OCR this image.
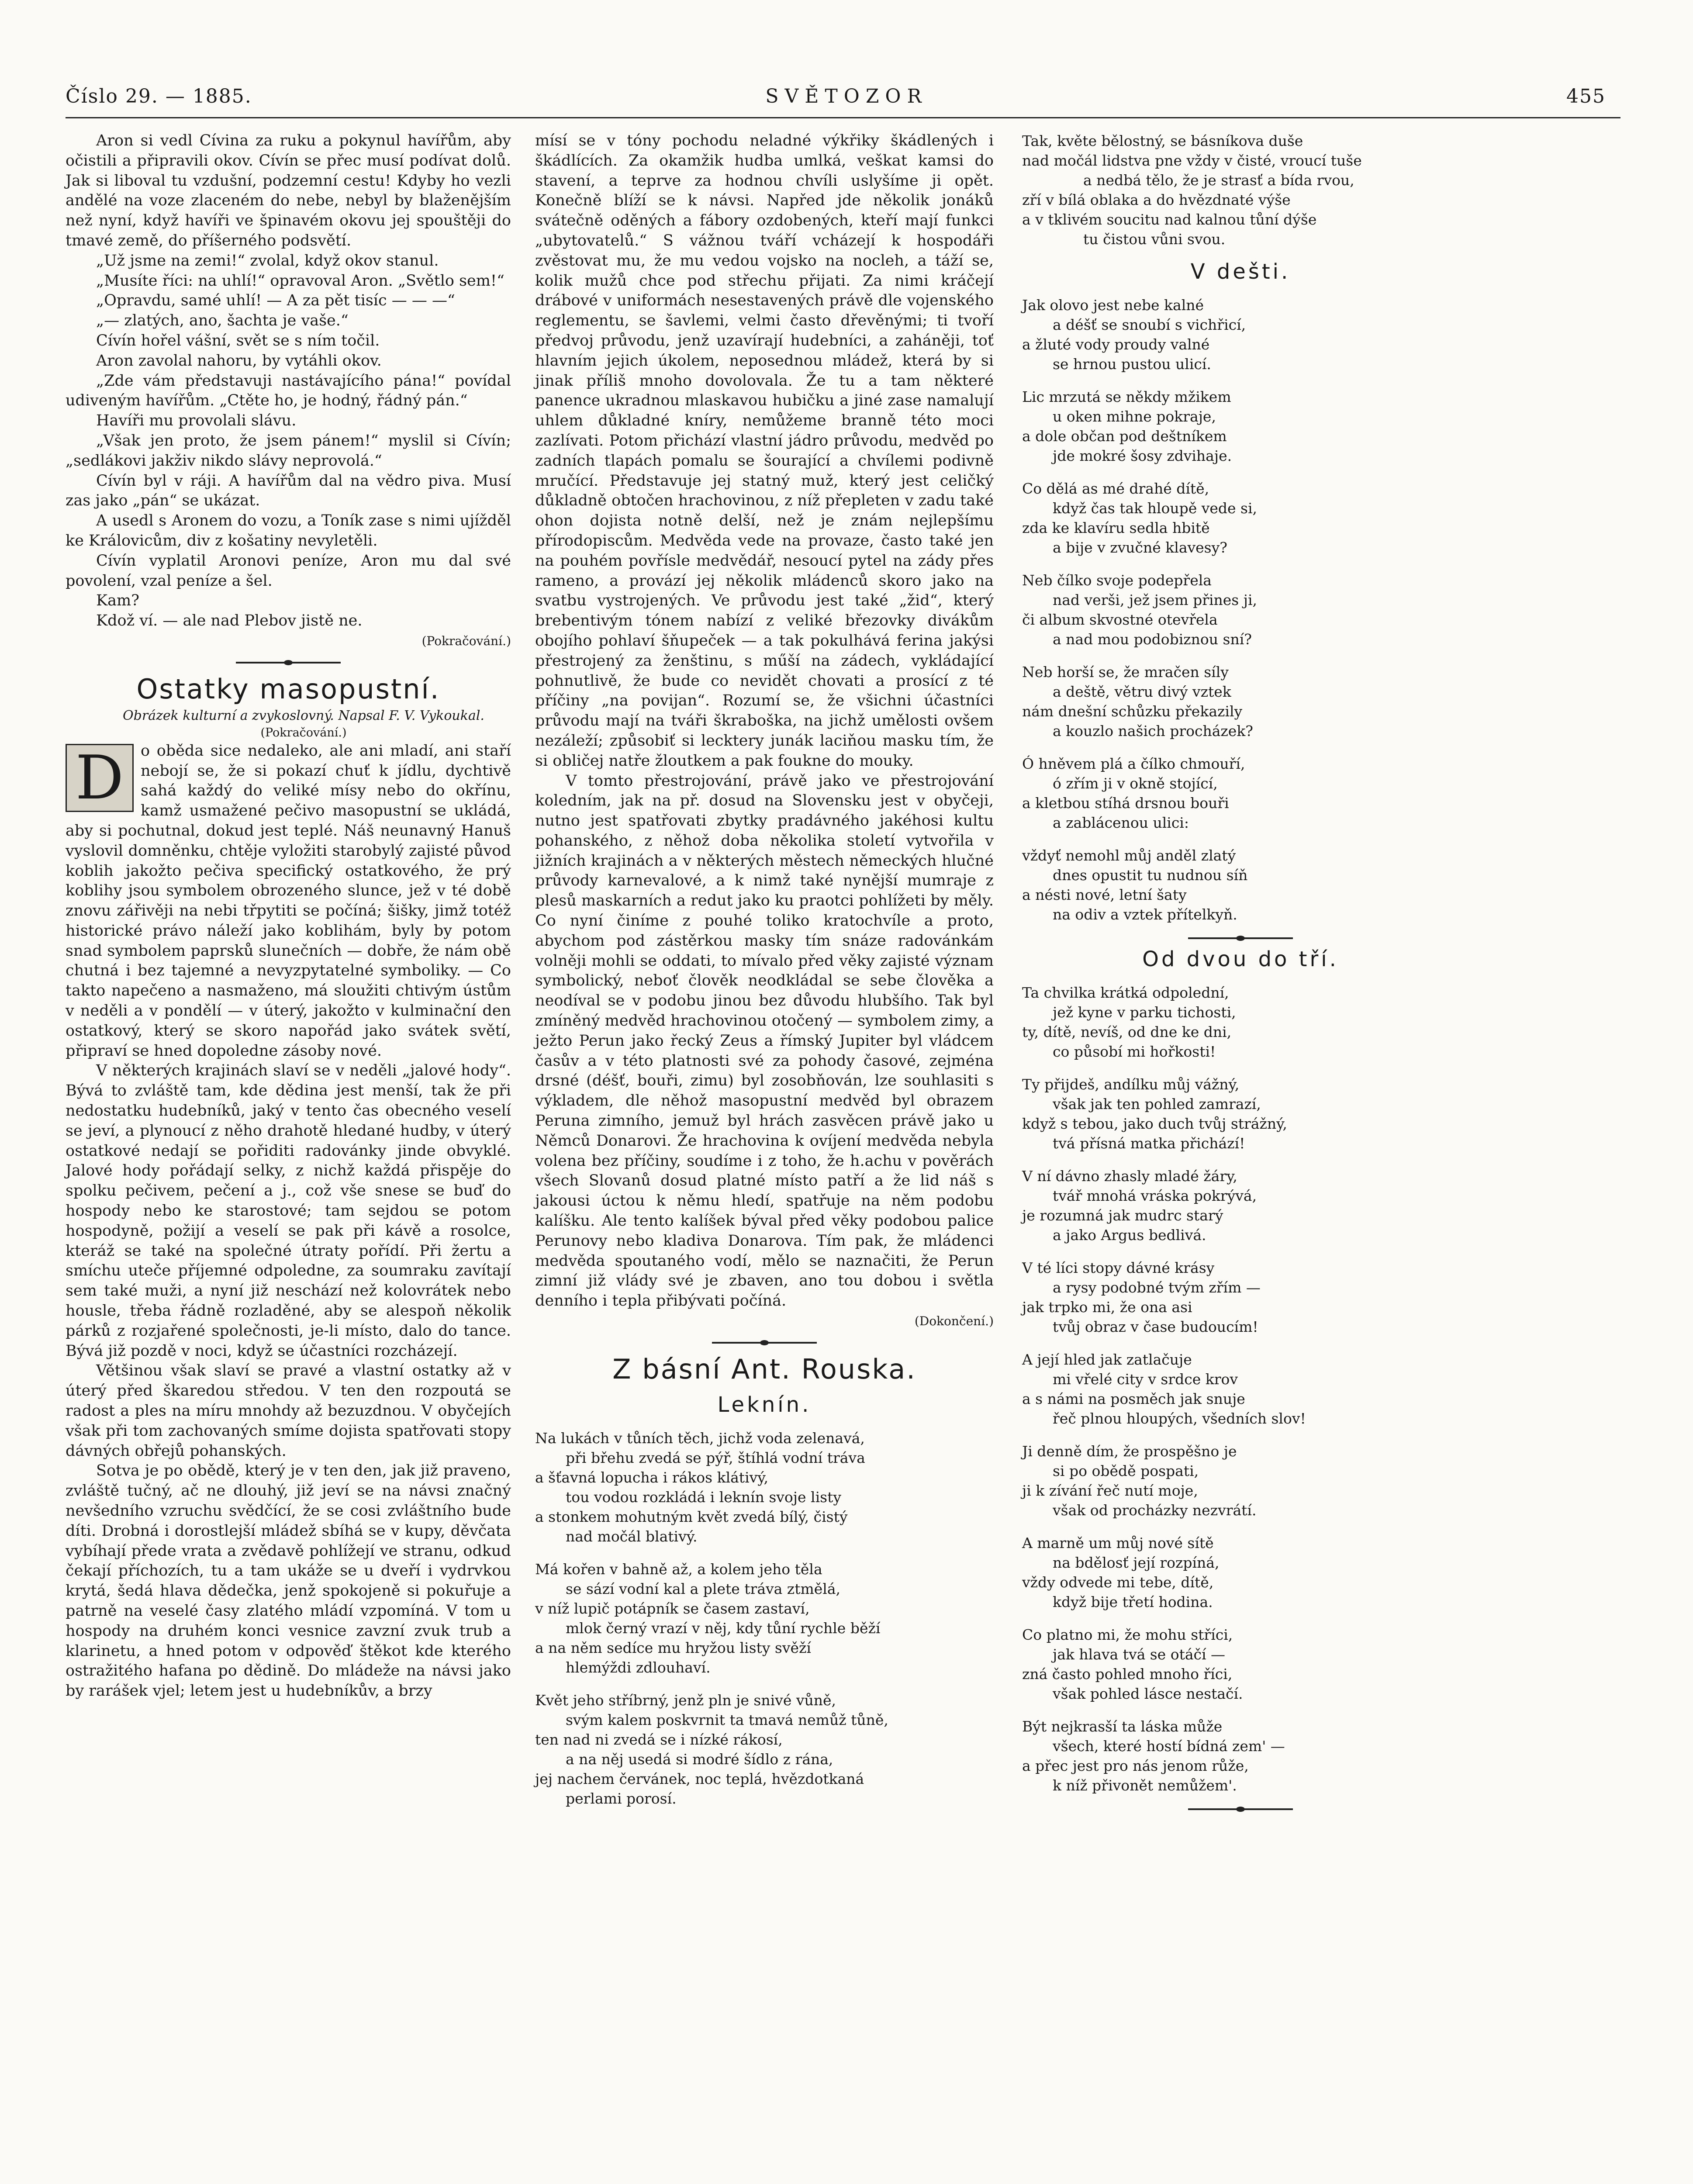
Číslo 29. — 1885.	SVĚTOZOR	455

Aron si vedl Cívina za ruku a pokynul havířům, aby očistili a připravili okov. Cívín se přec musí podívat dolů. Jak si liboval tu vzdušní, podzemní cestu! Kdyby ho vezli andělé na voze zlaceném do nebe, nebyl by blaženějším než nyní, když havíři ve špinavém okovu jej spouštěji do tmavé země, do příšerného podsvětí.

„Už jsme na zemi!“ zvolal, když okov stanul.

„Musíte říci: na uhlí!“ opravoval Aron. „Světlo sem!“

„Opravdu, samé uhlí! — A za pět tisíc — — —“

„— zlatých, ano, šachta je vaše.“

Cívín hořel vášní, svět se s ním točil.

Aron zavolal nahoru, by vytáhli okov.

„Zde vám představuji nastávajícího pána!“ povídal udiveným havířům. „Ctěte ho, je hodný, řádný pán.“

Havíři mu provolali slávu.

„Však jen proto, že jsem pánem!“ myslil si Cívín; „sedlákovi jakživ nikdo slávy neprovolá.“

Cívín byl v ráji. A havířům dal na vědro piva. Musí zas jako „pán“ se ukázat.

A usedl s Aronem do vozu, a Toník zase s nimi ujížděl ke Královicům, div z košatiny nevyletěli.

Cívín vyplatil Aronovi peníze, Aron mu dal své povolení, vzal peníze a šel.

Kam?

Kdož ví. — ale nad Plebov jistě ne.

(Pokračování.)

Ostatky masopustní.

Obrázek kulturní a zvykoslovný. Napsal F. V. Vykoukal.

(Pokračování.)

D	o oběda sice nedaleko, ale ani mladí, ani staří nebojí se, že si pokazí chuť k jídlu, dychtivě sahá každý do veliké mísy nebo do okřínu, kamž usmažené pečivo masopustní se ukládá, aby si pochutnal, dokud jest teplé. Náš neunavný Hanuš vyslovil domněnku, chtěje vyložiti starobylý zajisté původ koblih jakožto pečiva specifický ostatkového, že prý koblihy jsou symbolem obrozeného slunce, jež v té době znovu zářivěji na nebi třpytiti se počíná; šišky, jimž totéž historické právo náleží jako koblihám, byly by potom snad symbolem paprsků slunečních — dobře, že nám obě chutná i bez tajemné a nevyzpytatelné symboliky. — Co takto napečeno a nasmaženo, má sloužiti chtivým ústům v neděli a v pondělí — v úterý, jakožto v kulminační den ostatkový, který se skoro napořád jako svátek světí, připraví se hned dopoledne zásoby nové.

V některých krajinách slaví se v neděli „jalové hody“. Bývá to zvláště tam, kde dědina jest menší, tak že při nedostatku hudebníků, jaký v tento čas obecného veselí se jeví, a plynoucí z něho drahotě hledané hudby, v úterý ostatkové nedají se pořiditi radovánky jinde obvyklé. Jalové hody pořádají selky, z nichž každá přispěje do spolku pečivem, pečení a j., což vše snese se buď do hospody nebo ke starostové; tam sejdou se potom hospodyně, požijí a veselí se pak při kávě a rosolce, kteráž se také na společné útraty pořídí. Při žertu a smíchu uteče příjemné odpoledne, za soumraku zavítají sem také muži, a nyní již neschází než kolovrátek nebo housle, třeba řádně rozladěné, aby se alespoň několik párků z rozjařené společnosti, je-li místo, dalo do tance. Bývá již pozdě v noci, když se účastníci rozcházejí.

Většinou však slaví se pravé a vlastní ostatky až v úterý před škaredou středou. V ten den rozpoutá se radost a ples na míru mnohdy až bezuzdnou. V obyčejích však při tom zachovaných smíme dojista spatřovati stopy dávných obřejů pohanských.

Sotva je po obědě, který je v ten den, jak již praveno, zvláště tučný, ač ne dlouhý, již jeví se na návsi značný nevšedního vzruchu svědčící, že se cosi zvláštního bude díti. Drobná i dorostlejší mládež sbíhá se v kupy, děvčata vybíhají přede vrata a zvědavě pohlížejí ve stranu, odkud čekají příchozích, tu a tam ukáže se u dveří i vydrvkou krytá, šedá hlava dědečka, jenž spokojeně si pokuřuje a patrně na veselé časy zlatého mládí vzpomíná. V tom u hospody na druhém konci vesnice zavzní zvuk trub a klarinetu, a hned potom v odpověď štěkot kde kterého ostražitého hafana po dědině. Do mládeže na návsi jako by rarášek vjel; letem jest u hudebníkův, a brzy

mísí se v tóny pochodu neladné výkřiky škádlených i škádlících. Za okamžik hudba umlká, veškat kamsi do stavení, a teprve za hodnou chvíli uslyšíme ji opět. Konečně blíží se k návsi. Napřed jde několik jonáků svátečně oděných a fábory ozdobených, kteří mají funkci „ubytovatelů.“ S vážnou tváří vcházejí k hospodáři zvěstovat mu, že mu vedou vojsko na nocleh, a táží se, kolik mužů chce pod střechu přijati. Za nimi kráčejí drábové v uniformách nesestavených právě dle vojenského reglementu, se šavlemi, velmi často dřevěnými; ti tvoří předvoj průvodu, jenž uzavírají hudebníci, a zaháněji, toť hlavním jejich úkolem, neposednou mládež, která by si jinak příliš mnoho dovolovala. Že tu a tam některé panence ukradnou mlaskavou hubičku a jiné zase namalují uhlem důkladné kníry, nemůžeme branně této moci zazlívati. Potom přichází vlastní jádro průvodu, medvěd po zadních tlapách pomalu se šourající a chvílemi podivně mručící. Představuje jej statný muž, který jest celičký důkladně obtočen hrachovinou, z níž přepleten v zadu také ohon dojista notně delší, než je znám nejlepšímu přírodopiscům. Medvěda vede na provaze, často také jen na pouhém povřísle medvědář, nesoucí pytel na zády přes rameno, a provází jej několik mládenců skoro jako na svatbu vystrojených. Ve průvodu jest také „žid“, který brebentivým tónem nabízí z veliké březovky divákům obojího pohlaví šňupeček — a tak pokulhává ferina jakýsi přestrojený za ženštinu, s műší na zádech, vykládající pohnutlivě, že bude co nevidět chovati a prosící z té příčiny „na povijan“. Rozumí se, že všichni účastníci průvodu mají na tváři škraboška, na jichž umělosti ovšem nezáleží; způsobiť si lecktery junák laciňou masku tím, že si obličej natře žloutkem a pak foukne do mouky.

V tomto přestrojování, právě jako ve přestrojování koledním, jak na př. dosud na Slovensku jest v obyčeji, nutno jest spatřovati zbytky pradávného jakéhosi kultu pohanského, z něhož doba několika století vytvořila v jižních krajinách a v některých městech německých hlučné průvody karnevalové, a k nimž také nynější mumraje z plesů maskarních a redut jako ku praotci pohlížeti by měly. Co nyní činíme z pouhé toliko kratochvíle a proto, abychom pod zástěrkou masky tím snáze radovánkám volněji mohli se oddati, to mívalo před věky zajisté význam symbolický, neboť člověk neodkládal se sebe člověka a neodíval se v podobu jinou bez důvodu hlubšího. Tak byl zmíněný medvěd hrachovinou otočený — symbolem zimy, a ježto Perun jako řecký Zeus a římský Jupiter byl vládcem časův a v této platnosti své za pohody časové, zejména drsné (déšť, bouři, zimu) byl zosobňován, lze souhlasiti s výkladem, dle něhož masopustní medvěd byl obrazem Peruna zimního, jemuž byl hrách zasvěcen právě jako u Němců Donarovi. Že hrachovina k ovíjení medvěda nebyla volena bez příčiny, soudíme i z toho, že h.achu v pověrách všech Slovanů dosud platné místo patří a že lid náš s jakousi úctou k němu hledí, spatřuje na něm podobu kalíšku. Ale tento kalíšek býval před věky podobou palice Perunovy nebo kladiva Donarova. Tím pak, že mládenci medvěda spoutaného vodí, mělo se naznačiti, že Perun zimní již vlády své je zbaven, ano tou dobou i světla denního i tepla přibývati počíná.

(Dokončení.)

Z básní Ant. Rouska.
Leknín.
Na lukách v tůních těch, jichž voda zelenavá,
při břehu zvedá se pýř, štíhlá vodní tráva
a šťavná lopucha i rákos klátivý,
tou vodou rozkládá i leknín svoje listy
a stonkem mohutným květ zvedá bílý, čistý
nad močál blativý.
Má kořen v bahně až, a kolem jeho těla
se sází vodní kal a plete tráva ztmělá,
v níž lupič potápník se časem zastaví,
mlok černý vrazí v něj, kdy tůní rychle běží
a na něm sedíce mu hryžou listy svěží
hlemýždi zdlouhaví.
Květ jeho stříbrný, jenž pln je snivé vůně,
svým kalem poskvrnit ta tmavá nemůž tůně,
ten nad ni zvedá se i nízké rákosí,
a na něj usedá si modré šídlo z rána,
jej nachem červánek, noc teplá, hvězdotkaná
perlami porosí.
Tak, květe bělostný, se básníkova duše
nad močál lidstva pne vždy v čisté, vroucí tuše
a nedbá tělo, že je strasť a bída rvou,
zří v bílá oblaka a do hvězdnaté výše
a v tklivém soucitu nad kalnou tůní dýše
tu čistou vůni svou.
V dešti.
Jak olovo jest nebe kalné
a déšť se snoubí s vichřicí,
a žluté vody proudy valné
se hrnou pustou ulicí.
Lic mrzutá se někdy mžikem
u oken mihne pokraje,
a dole občan pod deštníkem
jde mokré šosy zdvihaje.
Co dělá as mé drahé dítě,
když čas tak hloupě vede si,
zda ke klavíru sedla hbitě
a bije v zvučné klavesy?
Neb čílko svoje podepřela
nad verši, jež jsem přines ji,
či album skvostné otevřela
a nad mou podobiznou sní?
Neb horší se, že mračen síly
a deště, větru divý vztek
nám dnešní schůzku překazily
a kouzlo našich procházek?
Ó hněvem plá a čílko chmouří,
ó zřím ji v okně stojící,
a kletbou stíhá drsnou bouři
a zablácenou ulici:
vždyť nemohl můj anděl zlatý
dnes opustit tu nudnou síň
a nésti nové, letní šaty
na odiv a vztek přítelkyň.
Od dvou do tří.
Ta chvilka krátká odpolední,
jež kyne v parku tichosti,
ty, dítě, nevíš, od dne ke dni,
co působí mi hořkosti!
Ty přijdeš, andílku můj vážný,
však jak ten pohled zamrazí,
když s tebou, jako duch tvůj strážný,
tvá přísná matka přichází!
V ní dávno zhasly mladé žáry,
tvář mnohá vráska pokrývá,
je rozumná jak mudrc starý
a jako Argus bedlivá.
V té líci stopy dávné krásy
a rysy podobné tvým zřím —
jak trpko mi, že ona asi
tvůj obraz v čase budoucím!
A její hled jak zatlačuje
mi vřelé city v srdce krov
a s námi na posměch jak snuje
řeč plnou hloupých, všedních slov!
Ji denně dím, že prospěšno je
si po obědě pospati,
ji k zívání řeč nutí moje,
však od procházky nezvrátí.
A marně um můj nové sítě
na bdělosť její rozpíná,
vždy odvede mi tebe, dítě,
když bije třetí hodina.
Co platno mi, že mohu stříci,
jak hlava tvá se otáčí —
zná často pohled mnoho říci,
však pohled lásce nestačí.
Být nejkrasší ta láska může
všech, které hostí bídná zem' —
a přec jest pro nás jenom růže,
k níž přivonět nemůžem'.
